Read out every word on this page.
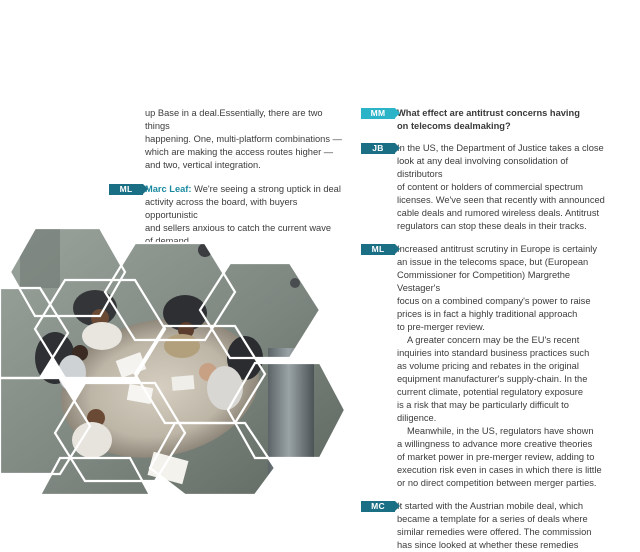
up Base in a deal.Essentially, there are two things
happening. One, multi-platform combinations —
which are making the access routes higher —
and two, vertical integration.

ML	Marc Leaf: We're seeing a strong uptick in deal
activity across the board, with buyers opportunistic
and sellers anxious to catch the current wave
of demand.

MM	What effect are antitrust concerns having
on telecoms dealmaking?

JB	In the US, the Department of Justice takes a close
look at any deal involving consolidation of distributors
of content or holders of commercial spectrum
licenses. We've seen that recently with announced
cable deals and rumored wireless deals. Antitrust
regulators can stop these deals in their tracks.

ML	Increased antitrust scrutiny in Europe is certainly
an issue in the telecoms space, but (European
Commissioner for Competition) Margrethe Vestager's
focus on a combined company's power to raise
prices is in fact a highly traditional approach
to pre-merger review.

A greater concern may be the EU's recent
inquiries into standard business practices such
as volume pricing and rebates in the original
equipment manufacturer's supply-chain. In the
current climate, potential regulatory exposure
is a risk that may be particularly difficult to diligence.

Meanwhile, in the US, regulators have shown
a willingness to advance more creative theories
of market power in pre-merger review, adding to
execution risk even in cases in which there is little
or no direct competition between merger parties.

MC	It started with the Austrian mobile deal, which
became a template for a series of deals where
similar remedies were offered. The commission
has since looked at whether these remedies
